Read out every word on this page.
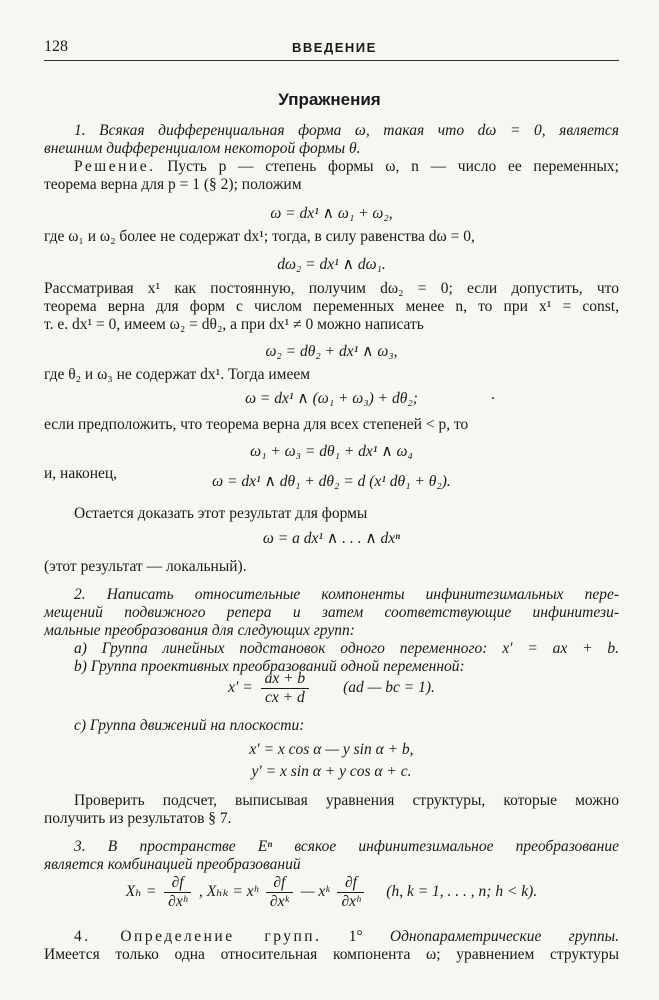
128	ВВЕДЕНИЕ
Упражнения
1. Всякая дифференциальная форма ω, такая что dω = 0, является
внешним дифференциалом некоторой формы θ.
Решение. Пусть p — степень формы ω, n — число ее переменных;
теорема верна для p = 1 (§ 2); положим
ω = dx¹ ∧ ω₁ + ω₂,
где ω₁ и ω₂ более не содержат dx¹; тогда, в силу равенства dω = 0,
dω₂ = dx¹ ∧ dω₁.
Рассматривая x¹ как постоянную, получим dω₂ = 0; если допустить, что
теорема верна для форм с числом переменных менее n, то при x¹ = const,
т. е. dx¹ = 0, имеем ω₂ = dθ₂, а при dx¹ ≠ 0 можно написать
ω₂ = dθ₂ + dx¹ ∧ ω₃,
где θ₂ и ω₃ не содержат dx¹. Тогда имеем
ω = dx¹ ∧ (ω₁ + ω₃) + dθ₂;	.
если предположить, что теорема верна для всех степеней < p, то
ω₁ + ω₃ = dθ₁ + dx¹ ∧ ω₄
и, наконец,	ω = dx¹ ∧ dθ₁ + dθ₂ = d (x¹ dθ₁ + θ₂).
Остается доказать этот результат для формы
ω = a dx¹ ∧ . . . ∧ dxⁿ
(этот результат — локальный).
2. Написать относительные компоненты инфинитезимальных пере-
мещений подвижного репера и затем соответствующие инфинитези-
мальные преобразования для следующих групп:
a) Группа линейных подстановок одного переменного: x′ = ax + b.
b) Группа проективных преобразований одной переменной:
$x' = \frac{ax + b}{cx + d} (ad$ — bc = 1).
c) Группа движений на плоскости:
x′ = x cos α — y sin α + b,
y′ = x sin α + y cos α + c.
Проверить подсчет, выписывая уравнения структуры, которые можно
получить из результатов § 7.
3. В пространстве Eⁿ всякое инфинитезимальное преобразование
является комбинацией преобразований
$X_h = \frac{\partial f}{\text{∂xʰ}}$ , Xₕₖ = xʰ $\frac{\partial f}{\text{∂xᵏ}}$ — xᵏ $\frac{\partial f}{\text{∂xʰ}} (h$, k = 1, . . . , n; h < k).
4. Определение групп. 1° Однопараметрические группы.
Имеется только одна относительная компонента ω; уравнением структуры
